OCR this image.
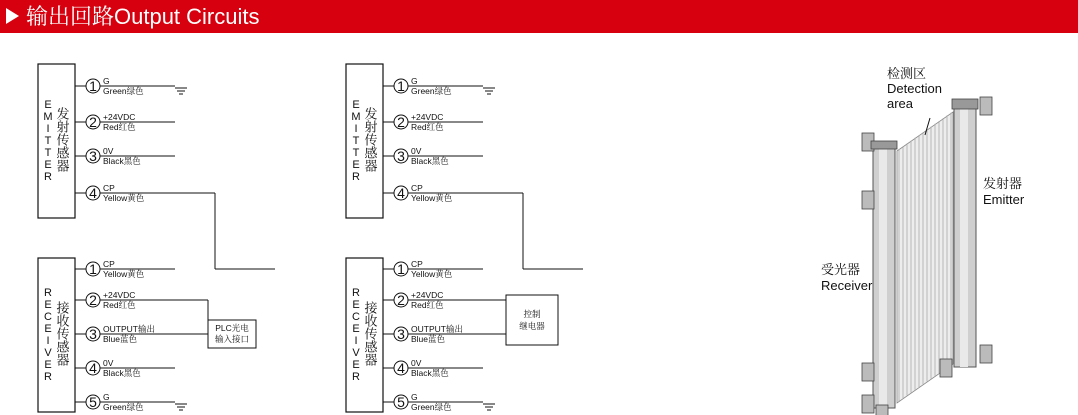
输出回路Output Circuits
E
M
I
T
T
E
R
发
射
传
感
器
1 G
Green绿色
2 +24VDC
Red红色
3 0V
Black黑色
4 CP
Yellow黄色
R
E
C
E
I
V
E
R
接
收
传
感
器
1 CP
Yellow黄色
2 +24VDC
Red红色
3 OUTPUT输出
Blue蓝色
4 0V
Black黑色
5 G
Green绿色
PLC光电
输入接口
E
M
I
T
T
E
R
发
射
传
感
器
1 G
Green绿色
2 +24VDC
Red红色
3 0V
Black黑色
4 CP
Yellow黄色
R
E
C
E
I
V
E
R
接
收
传
感
器
1 CP
Yellow黄色
2 +24VDC
Red红色
3 OUTPUT输出
Blue蓝色
4 0V
Black黑色
5 G
Green绿色
控制
继电器
检测区
Detection
area
发射器
Emitter
受光器
Receiver
